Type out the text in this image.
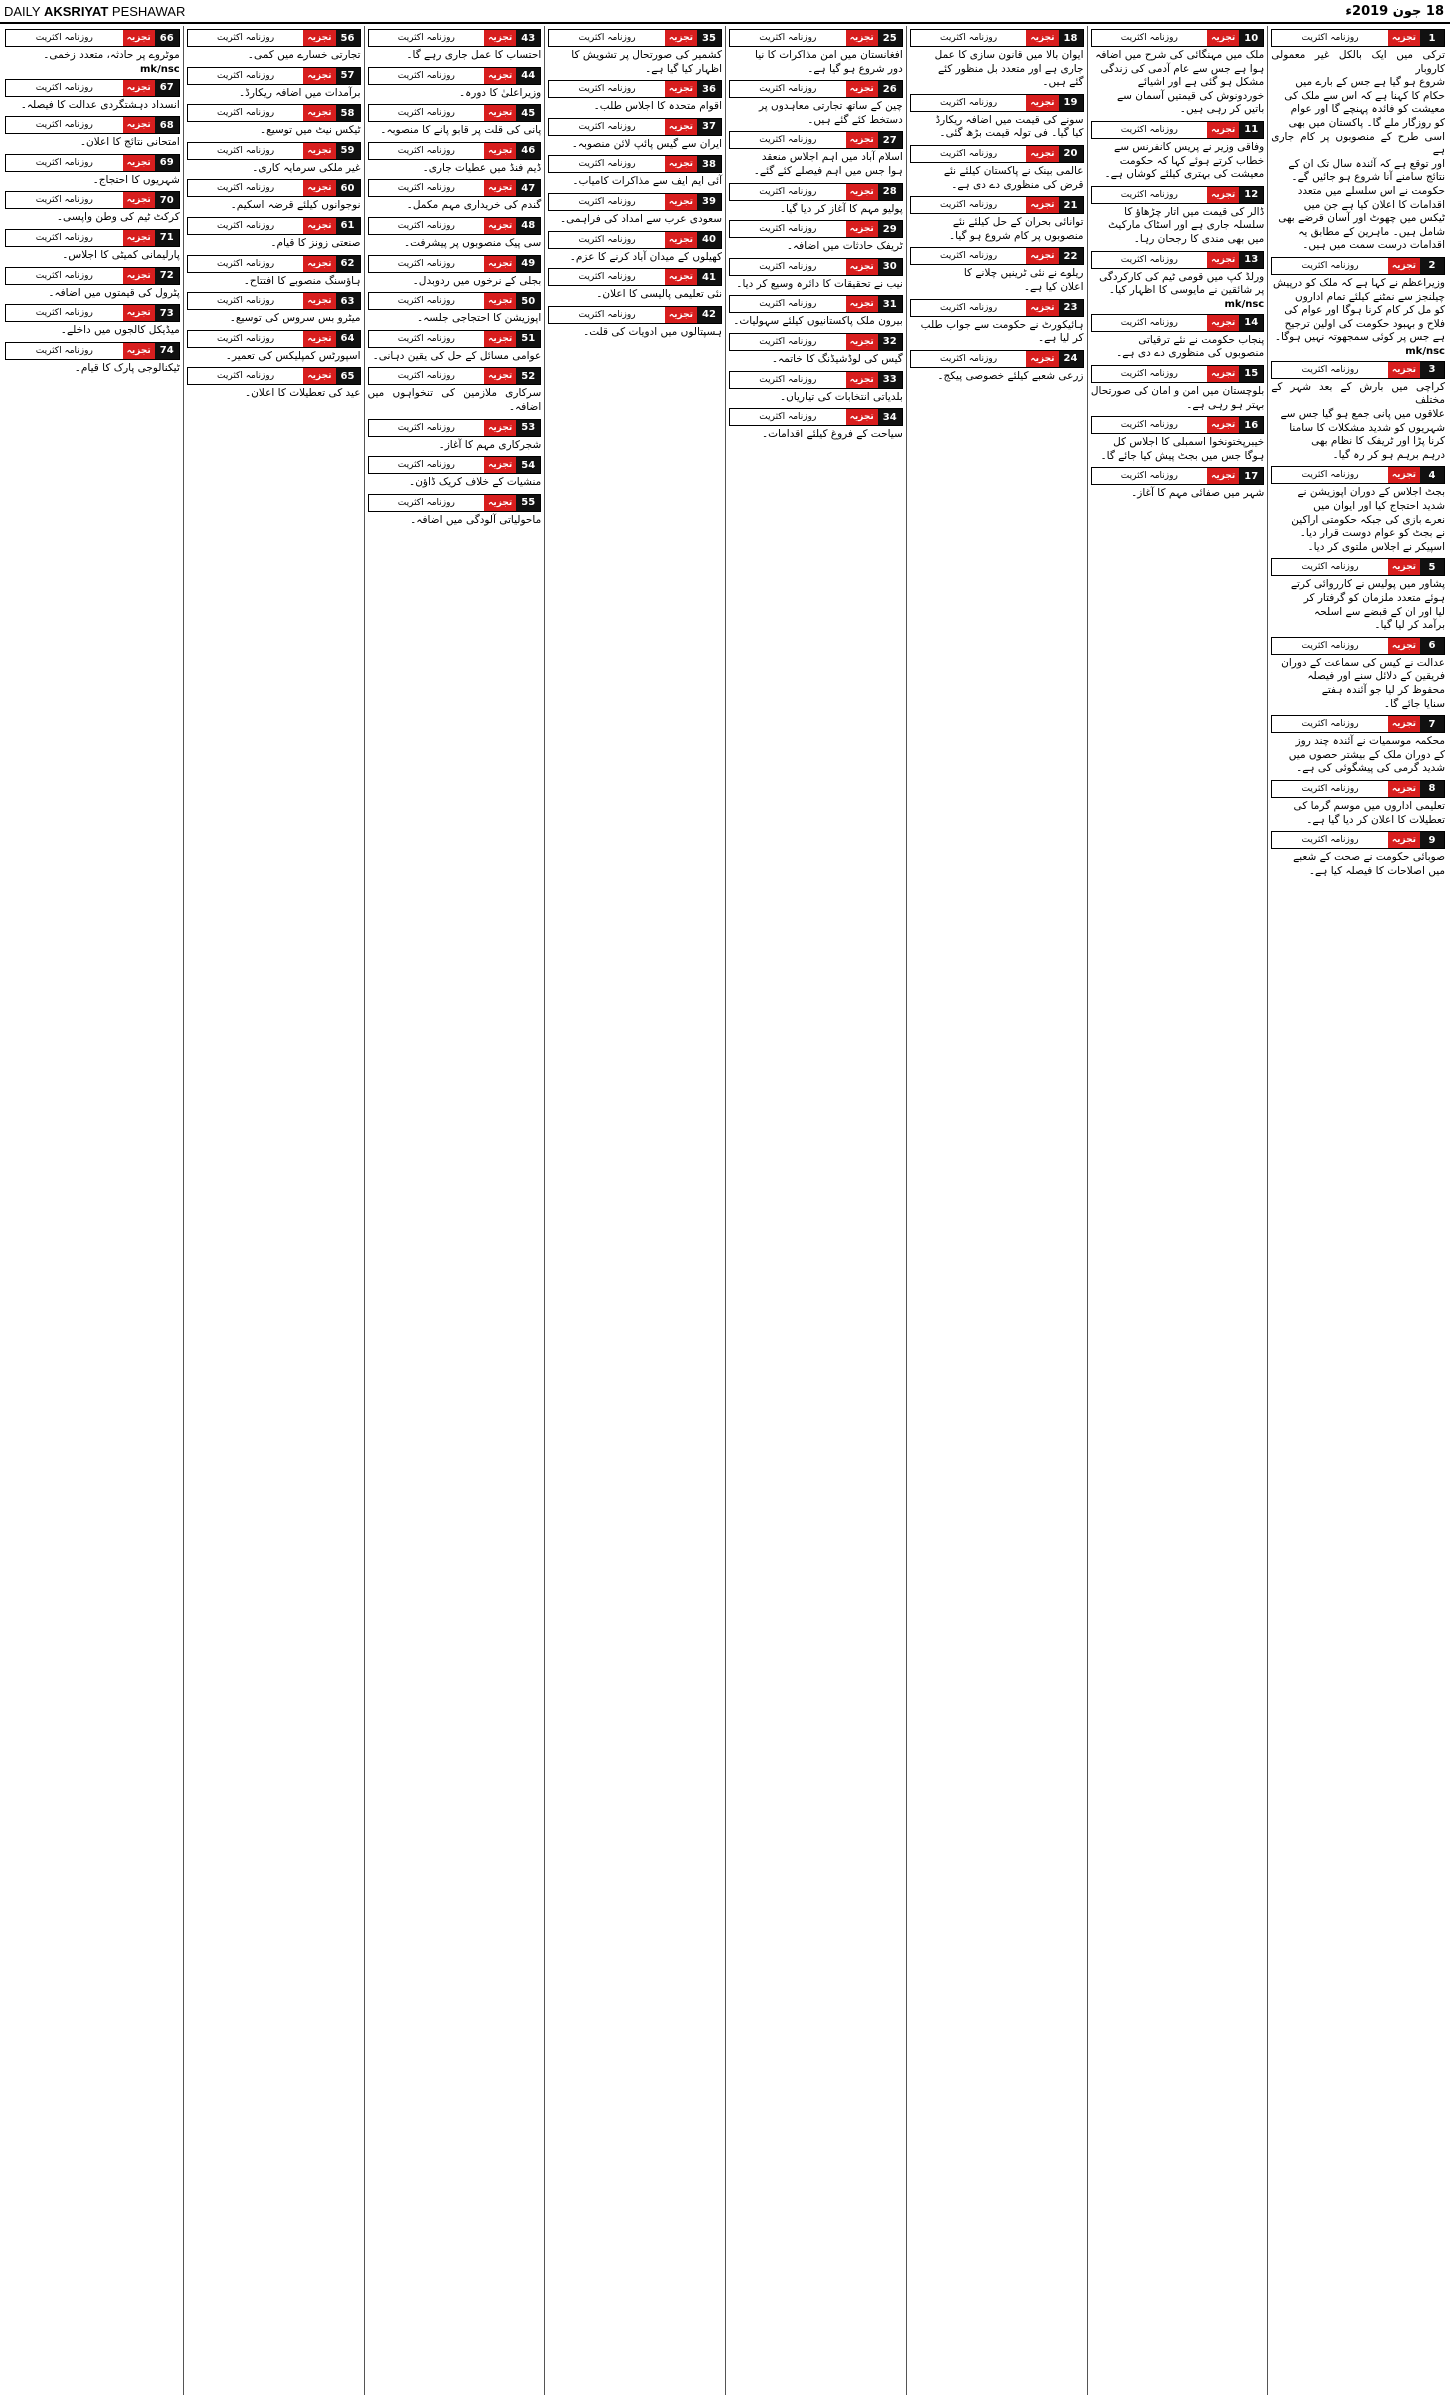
DAILY AKSRIYAT PESHAWAR	18 جون 2019ء
1
تجزیہ
روزنامہ اکثریت
ترکی میں ایک بالکل غیر معمولی کاروبار
شروع ہو گیا ہے جس کے بارے میں
حکام کا کہنا ہے کہ اس سے ملک کی
معیشت کو فائدہ پہنچے گا اور عوام
کو روزگار ملے گا۔ پاکستان میں بھی
اسی طرح کے منصوبوں پر کام جاری ہے
اور توقع ہے کہ آئندہ سال تک ان کے
نتائج سامنے آنا شروع ہو جائیں گے۔
حکومت نے اس سلسلے میں متعدد
اقدامات کا اعلان کیا ہے جن میں
ٹیکس میں چھوٹ اور آسان قرضے بھی
شامل ہیں۔ ماہرین کے مطابق یہ
اقدامات درست سمت میں ہیں۔
2
تجزیہ
روزنامہ اکثریت
وزیراعظم نے کہا ہے کہ ملک کو درپیش
چیلنجز سے نمٹنے کیلئے تمام اداروں
کو مل کر کام کرنا ہوگا اور عوام کی
فلاح و بہبود حکومت کی اولین ترجیح
ہے جس پر کوئی سمجھوتہ نہیں ہوگا۔
mk/nsc
3
تجزیہ
روزنامہ اکثریت
کراچی میں بارش کے بعد شہر کے مختلف
علاقوں میں پانی جمع ہو گیا جس سے
شہریوں کو شدید مشکلات کا سامنا
کرنا پڑا اور ٹریفک کا نظام بھی
درہم برہم ہو کر رہ گیا۔
4
تجزیہ
روزنامہ اکثریت
بجٹ اجلاس کے دوران اپوزیشن نے
شدید احتجاج کیا اور ایوان میں
نعرے بازی کی جبکہ حکومتی اراکین
نے بجٹ کو عوام دوست قرار دیا۔
اسپیکر نے اجلاس ملتوی کر دیا۔
5
تجزیہ
روزنامہ اکثریت
پشاور میں پولیس نے کارروائی کرتے
ہوئے متعدد ملزمان کو گرفتار کر
لیا اور ان کے قبضے سے اسلحہ
برآمد کر لیا گیا۔
6
تجزیہ
روزنامہ اکثریت
عدالت نے کیس کی سماعت کے دوران
فریقین کے دلائل سنے اور فیصلہ
محفوظ کر لیا جو آئندہ ہفتے
سنایا جائے گا۔
7
تجزیہ
روزنامہ اکثریت
محکمہ موسمیات نے آئندہ چند روز
کے دوران ملک کے بیشتر حصوں میں
شدید گرمی کی پیشگوئی کی ہے۔
8
تجزیہ
روزنامہ اکثریت
تعلیمی اداروں میں موسم گرما کی
تعطیلات کا اعلان کر دیا گیا ہے۔
9
تجزیہ
روزنامہ اکثریت
صوبائی حکومت نے صحت کے شعبے
میں اصلاحات کا فیصلہ کیا ہے۔
10
تجزیہ
روزنامہ اکثریت
ملک میں مہنگائی کی شرح میں اضافہ
ہوا ہے جس سے عام آدمی کی زندگی
مشکل ہو گئی ہے اور اشیائے
خوردونوش کی قیمتیں آسمان سے
باتیں کر رہی ہیں۔
11
تجزیہ
روزنامہ اکثریت
وفاقی وزیر نے پریس کانفرنس سے
خطاب کرتے ہوئے کہا کہ حکومت
معیشت کی بہتری کیلئے کوشاں ہے۔
12
تجزیہ
روزنامہ اکثریت
ڈالر کی قیمت میں اتار چڑھاؤ کا
سلسلہ جاری ہے اور اسٹاک مارکیٹ
میں بھی مندی کا رجحان رہا۔
13
تجزیہ
روزنامہ اکثریت
ورلڈ کپ میں قومی ٹیم کی کارکردگی
پر شائقین نے مایوسی کا اظہار کیا۔
mk/nsc
14
تجزیہ
روزنامہ اکثریت
پنجاب حکومت نے نئے ترقیاتی
منصوبوں کی منظوری دے دی ہے۔
15
تجزیہ
روزنامہ اکثریت
بلوچستان میں امن و امان کی صورتحال
بہتر ہو رہی ہے۔
16
تجزیہ
روزنامہ اکثریت
خیبرپختونخوا اسمبلی کا اجلاس کل
ہوگا جس میں بجٹ پیش کیا جائے گا۔
17
تجزیہ
روزنامہ اکثریت
شہر میں صفائی مہم کا آغاز۔
18
تجزیہ
روزنامہ اکثریت
ایوان بالا میں قانون سازی کا عمل
جاری ہے اور متعدد بل منظور کئے
گئے ہیں۔
19
تجزیہ
روزنامہ اکثریت
سونے کی قیمت میں اضافہ ریکارڈ
کیا گیا۔ فی تولہ قیمت بڑھ گئی۔
20
تجزیہ
روزنامہ اکثریت
عالمی بینک نے پاکستان کیلئے نئے
قرض کی منظوری دے دی ہے۔
21
تجزیہ
روزنامہ اکثریت
توانائی بحران کے حل کیلئے نئے
منصوبوں پر کام شروع ہو گیا۔
22
تجزیہ
روزنامہ اکثریت
ریلوے نے نئی ٹرینیں چلانے کا
اعلان کیا ہے۔
23
تجزیہ
روزنامہ اکثریت
ہائیکورٹ نے حکومت سے جواب طلب
کر لیا ہے۔
24
تجزیہ
روزنامہ اکثریت
زرعی شعبے کیلئے خصوصی پیکج۔
25
تجزیہ
روزنامہ اکثریت
افغانستان میں امن مذاکرات کا نیا
دور شروع ہو گیا ہے۔
26
تجزیہ
روزنامہ اکثریت
چین کے ساتھ تجارتی معاہدوں پر
دستخط کئے گئے ہیں۔
27
تجزیہ
روزنامہ اکثریت
اسلام آباد میں اہم اجلاس منعقد
ہوا جس میں اہم فیصلے کئے گئے۔
28
تجزیہ
روزنامہ اکثریت
پولیو مہم کا آغاز کر دیا گیا۔
29
تجزیہ
روزنامہ اکثریت
ٹریفک حادثات میں اضافہ۔
30
تجزیہ
روزنامہ اکثریت
نیب نے تحقیقات کا دائرہ وسیع کر دیا۔
31
تجزیہ
روزنامہ اکثریت
بیرون ملک پاکستانیوں کیلئے سہولیات۔
32
تجزیہ
روزنامہ اکثریت
گیس کی لوڈشیڈنگ کا خاتمہ۔
33
تجزیہ
روزنامہ اکثریت
بلدیاتی انتخابات کی تیاریاں۔
34
تجزیہ
روزنامہ اکثریت
سیاحت کے فروغ کیلئے اقدامات۔
35
تجزیہ
روزنامہ اکثریت
کشمیر کی صورتحال پر تشویش کا
اظہار کیا گیا ہے۔
36
تجزیہ
روزنامہ اکثریت
اقوام متحدہ کا اجلاس طلب۔
37
تجزیہ
روزنامہ اکثریت
ایران سے گیس پائپ لائن منصوبہ۔
38
تجزیہ
روزنامہ اکثریت
آئی ایم ایف سے مذاکرات کامیاب۔
39
تجزیہ
روزنامہ اکثریت
سعودی عرب سے امداد کی فراہمی۔
40
تجزیہ
روزنامہ اکثریت
کھیلوں کے میدان آباد کرنے کا عزم۔
41
تجزیہ
روزنامہ اکثریت
نئی تعلیمی پالیسی کا اعلان۔
42
تجزیہ
روزنامہ اکثریت
ہسپتالوں میں ادویات کی قلت۔
43
تجزیہ
روزنامہ اکثریت
احتساب کا عمل جاری رہے گا۔
44
تجزیہ
روزنامہ اکثریت
وزیراعلیٰ کا دورہ۔
45
تجزیہ
روزنامہ اکثریت
پانی کی قلت پر قابو پانے کا منصوبہ۔
46
تجزیہ
روزنامہ اکثریت
ڈیم فنڈ میں عطیات جاری۔
47
تجزیہ
روزنامہ اکثریت
گندم کی خریداری مہم مکمل۔
48
تجزیہ
روزنامہ اکثریت
سی پیک منصوبوں پر پیشرفت۔
49
تجزیہ
روزنامہ اکثریت
بجلی کے نرخوں میں ردوبدل۔
50
تجزیہ
روزنامہ اکثریت
اپوزیشن کا احتجاجی جلسہ۔
51
تجزیہ
روزنامہ اکثریت
عوامی مسائل کے حل کی یقین دہانی۔
52
تجزیہ
روزنامہ اکثریت
سرکاری ملازمین کی تنخواہوں میں اضافہ۔
53
تجزیہ
روزنامہ اکثریت
شجرکاری مہم کا آغاز۔
54
تجزیہ
روزنامہ اکثریت
منشیات کے خلاف کریک ڈاؤن۔
55
تجزیہ
روزنامہ اکثریت
ماحولیاتی آلودگی میں اضافہ۔
56
تجزیہ
روزنامہ اکثریت
تجارتی خسارے میں کمی۔
57
تجزیہ
روزنامہ اکثریت
برآمدات میں اضافہ ریکارڈ۔
58
تجزیہ
روزنامہ اکثریت
ٹیکس نیٹ میں توسیع۔
59
تجزیہ
روزنامہ اکثریت
غیر ملکی سرمایہ کاری۔
60
تجزیہ
روزنامہ اکثریت
نوجوانوں کیلئے قرضہ اسکیم۔
61
تجزیہ
روزنامہ اکثریت
صنعتی زونز کا قیام۔
62
تجزیہ
روزنامہ اکثریت
ہاؤسنگ منصوبے کا افتتاح۔
63
تجزیہ
روزنامہ اکثریت
میٹرو بس سروس کی توسیع۔
64
تجزیہ
روزنامہ اکثریت
اسپورٹس کمپلیکس کی تعمیر۔
65
تجزیہ
روزنامہ اکثریت
عید کی تعطیلات کا اعلان۔
66
تجزیہ
روزنامہ اکثریت
موٹروے پر حادثہ، متعدد زخمی۔
mk/nsc
67
تجزیہ
روزنامہ اکثریت
انسداد دہشتگردی عدالت کا فیصلہ۔
68
تجزیہ
روزنامہ اکثریت
امتحانی نتائج کا اعلان۔
69
تجزیہ
روزنامہ اکثریت
شہریوں کا احتجاج۔
70
تجزیہ
روزنامہ اکثریت
کرکٹ ٹیم کی وطن واپسی۔
71
تجزیہ
روزنامہ اکثریت
پارلیمانی کمیٹی کا اجلاس۔
72
تجزیہ
روزنامہ اکثریت
پٹرول کی قیمتوں میں اضافہ۔
73
تجزیہ
روزنامہ اکثریت
میڈیکل کالجوں میں داخلے۔
74
تجزیہ
روزنامہ اکثریت
ٹیکنالوجی پارک کا قیام۔
